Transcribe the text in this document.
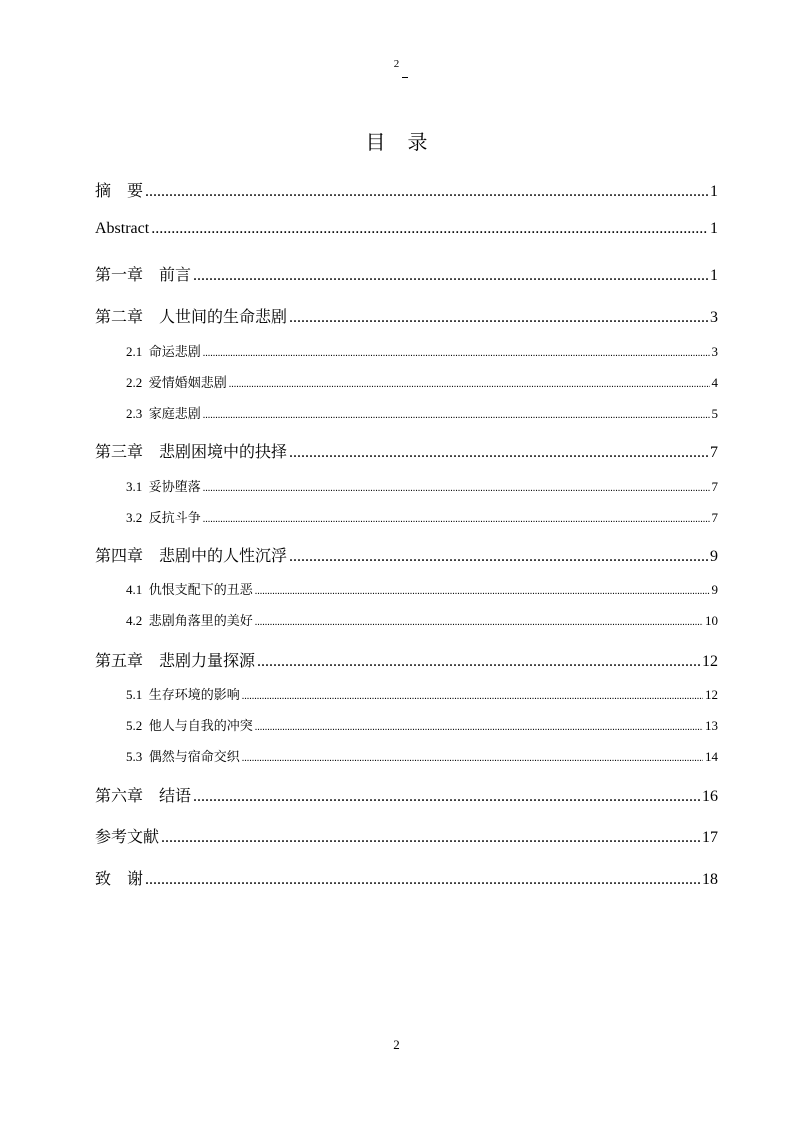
2
目录
摘　要 .....	1
Abstract .....	1
第一章　前言 .....	1
第二章　人世间的生命悲剧 .....	3
2.1 命运悲剧 .....	3
2.2 爱情婚姻悲剧 .....	4
2.3 家庭悲剧 .....	5
第三章　悲剧困境中的抉择 .....	7
3.1 妥协堕落 .....	7
3.2 反抗斗争 .....	7
第四章　悲剧中的人性沉浮 .....	9
4.1 仇恨支配下的丑恶 .....	9
4.2 悲剧角落里的美好 .....	10
第五章　悲剧力量探源 .....	12
5.1 生存环境的影响 .....	12
5.2 他人与自我的冲突 .....	13
5.3 偶然与宿命交织 .....	14
第六章　结语 .....	16
参考文献 .....	17
致　谢 .....	18
2
